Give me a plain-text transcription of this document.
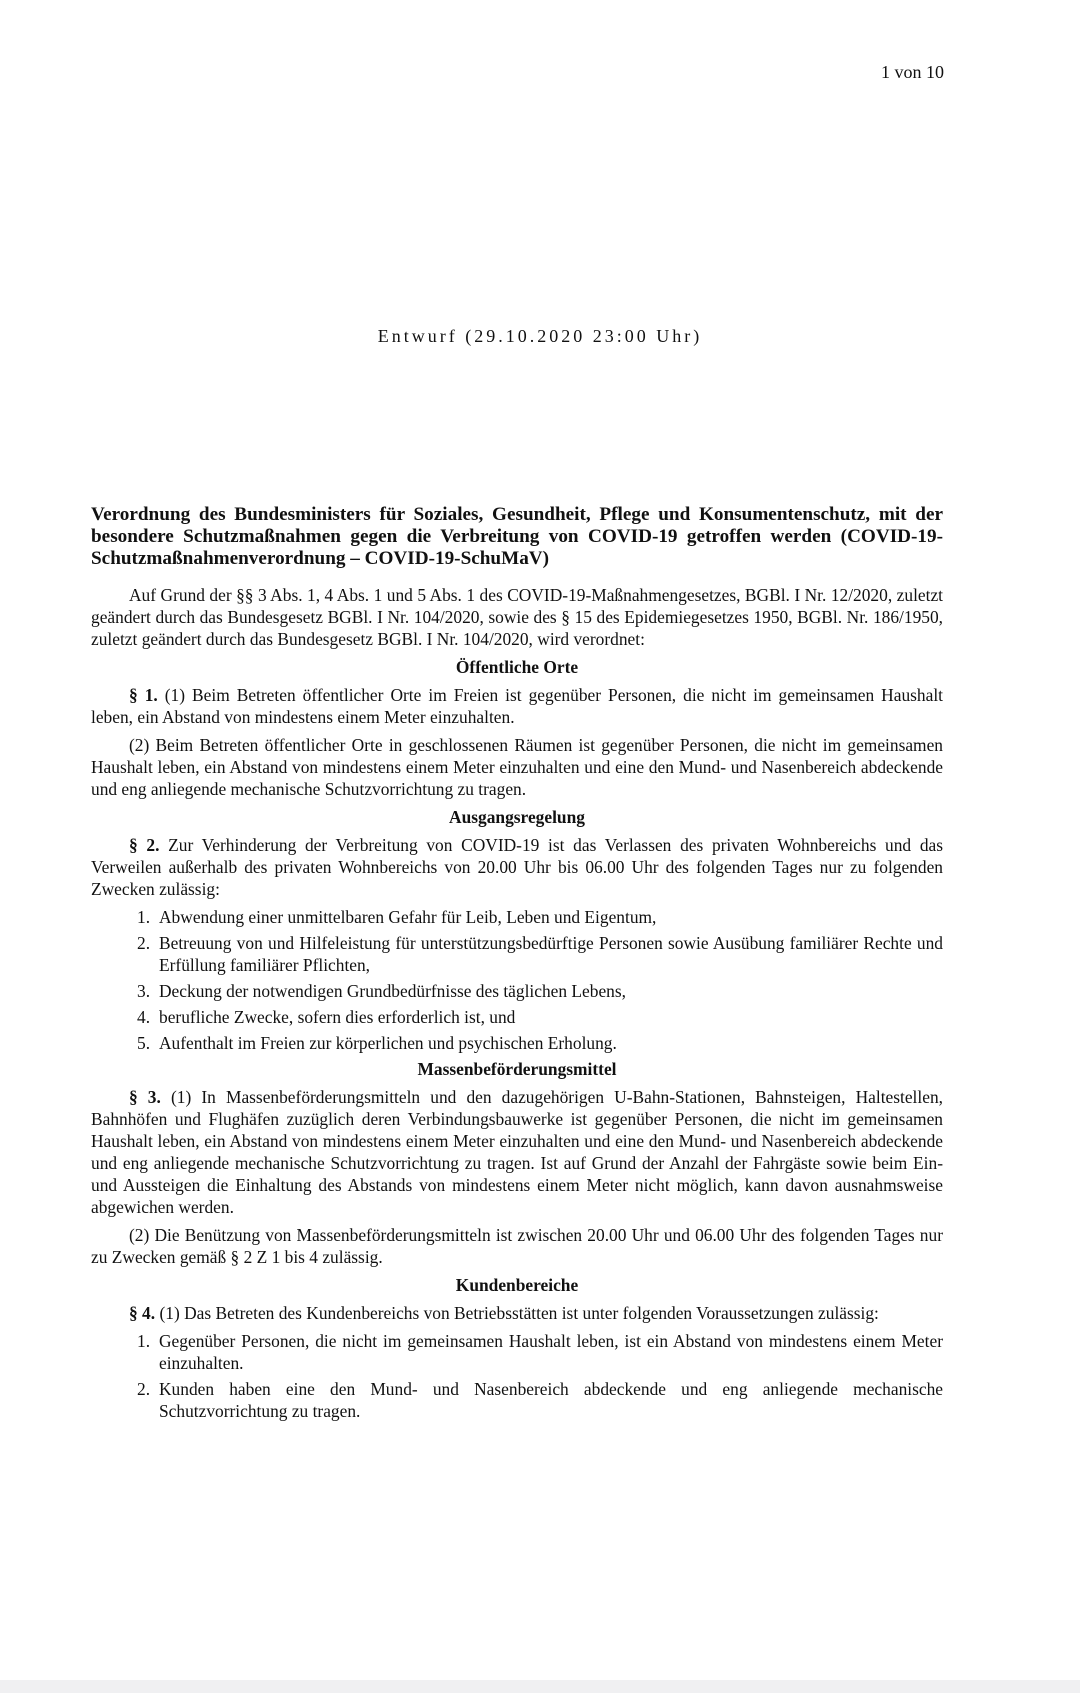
1 von 10
Entwurf (29.10.2020 23:00 Uhr)
Verordnung des Bundesministers für Soziales, Gesundheit, Pflege und Konsumentenschutz, mit der besondere Schutzmaßnahmen gegen die Verbreitung von COVID-19 getroffen werden (COVID-19-Schutzmaßnahmenverordnung – COVID-19-SchuMaV)

Auf Grund der §§ 3 Abs. 1, 4 Abs. 1 und 5 Abs. 1 des COVID-19-Maßnahmengesetzes, BGBl. I Nr. 12/2020, zuletzt geändert durch das Bundesgesetz BGBl. I Nr. 104/2020, sowie des § 15 des Epidemiegesetzes 1950, BGBl. Nr. 186/1950, zuletzt geändert durch das Bundesgesetz BGBl. I Nr. 104/2020, wird verordnet:

Öffentliche Orte

§ 1. (1) Beim Betreten öffentlicher Orte im Freien ist gegenüber Personen, die nicht im gemeinsamen Haushalt leben, ein Abstand von mindestens einem Meter einzuhalten.

(2) Beim Betreten öffentlicher Orte in geschlossenen Räumen ist gegenüber Personen, die nicht im gemeinsamen Haushalt leben, ein Abstand von mindestens einem Meter einzuhalten und eine den Mund- und Nasenbereich abdeckende und eng anliegende mechanische Schutzvorrichtung zu tragen.

Ausgangsregelung

§ 2. Zur Verhinderung der Verbreitung von COVID-19 ist das Verlassen des privaten Wohnbereichs und das Verweilen außerhalb des privaten Wohnbereichs von 20.00 Uhr bis 06.00 Uhr des folgenden Tages nur zu folgenden Zwecken zulässig:

1. Abwendung einer unmittelbaren Gefahr für Leib, Leben und Eigentum,
2. Betreuung von und Hilfeleistung für unterstützungsbedürftige Personen sowie Ausübung familiärer Rechte und Erfüllung familiärer Pflichten,
3. Deckung der notwendigen Grundbedürfnisse des täglichen Lebens,
4. berufliche Zwecke, sofern dies erforderlich ist, und
5. Aufenthalt im Freien zur körperlichen und psychischen Erholung.
Massenbeförderungsmittel

§ 3. (1) In Massenbeförderungsmitteln und den dazugehörigen U-Bahn-Stationen, Bahnsteigen, Haltestellen, Bahnhöfen und Flughäfen zuzüglich deren Verbindungsbauwerke ist gegenüber Personen, die nicht im gemeinsamen Haushalt leben, ein Abstand von mindestens einem Meter einzuhalten und eine den Mund- und Nasenbereich abdeckende und eng anliegende mechanische Schutzvorrichtung zu tragen. Ist auf Grund der Anzahl der Fahrgäste sowie beim Ein- und Aussteigen die Einhaltung des Abstands von mindestens einem Meter nicht möglich, kann davon ausnahmsweise abgewichen werden.

(2) Die Benützung von Massenbeförderungsmitteln ist zwischen 20.00 Uhr und 06.00 Uhr des folgenden Tages nur zu Zwecken gemäß § 2 Z 1 bis 4 zulässig.

Kundenbereiche

§ 4. (1) Das Betreten des Kundenbereichs von Betriebsstätten ist unter folgenden Voraussetzungen zulässig:

1. Gegenüber Personen, die nicht im gemeinsamen Haushalt leben, ist ein Abstand von mindestens einem Meter einzuhalten.
2. Kunden haben eine den Mund- und Nasenbereich abdeckende und eng anliegende mechanische Schutzvorrichtung zu tragen.
